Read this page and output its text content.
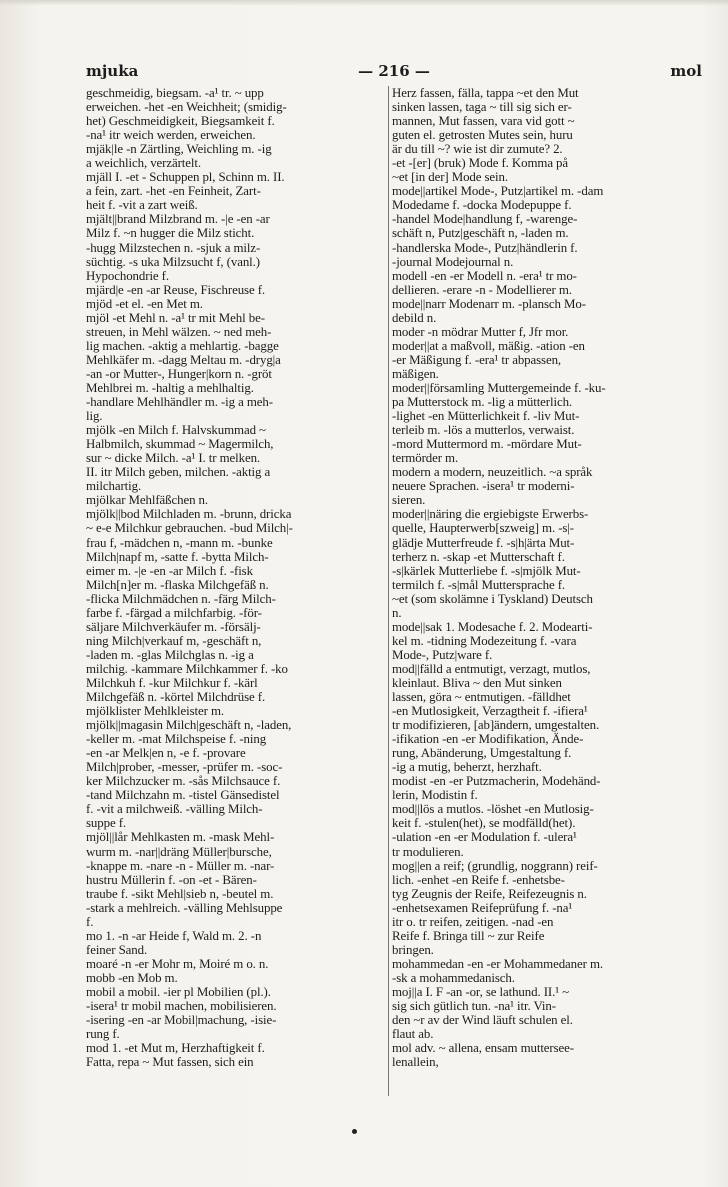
mjuka	— 216 —	mol
geschmeidig, biegsam. -a¹ tr. ~ upp
erweichen. -het -en Weichheit; (smidig-
het) Geschmeidigkeit, Biegsamkeit f.
-na¹ itr weich werden, erweichen.
mjäk|le -n Zärtling, Weichling m. -ig
a weichlich, verzärtelt.
mjäll I. -et - Schuppen pl, Schinn m. II.
a fein, zart. -het -en Feinheit, Zart-
heit f. -vit a zart weiß.
mjält||brand Milzbrand m. -|e -en -ar
Milz f. ~n hugger die Milz sticht.
-hugg Milzstechen n. -sjuk a milz-
süchtig. -s uka Milzsucht f, (vanl.)
Hypochondrie f.
mjärd|e -en -ar Reuse, Fischreuse f.
mjöd -et el. -en Met m.
mjöl -et Mehl n. -a¹ tr mit Mehl be-
streuen, in Mehl wälzen. ~ ned meh-
lig machen. -aktig a mehlartig. -bagge
Mehlkäfer m. -dagg Meltau m. -dryg|a
-an -or Mutter-, Hunger|korn n. -gröt
Mehlbrei m. -haltig a mehlhaltig.
-handlare Mehlhändler m. -ig a meh-
lig.
mjölk -en Milch f. Halvskummad ~
Halbmilch, skummad ~ Magermilch,
sur ~ dicke Milch. -a¹ I. tr melken.
II. itr Milch geben, milchen. -aktig a
milchartig.
mjölkar Mehlfäßchen n.
mjölk||bod Milchladen m. -brunn, dricka
~ e-e Milchkur gebrauchen. -bud Milch|-
frau f, -mädchen n, -mann m. -bunke
Milch|napf m, -satte f. -bytta Milch-
eimer m. -|e -en -ar Milch f. -fisk
Milch[n]er m. -flaska Milchgefäß n.
-flicka Milchmädchen n. -färg Milch-
farbe f. -färgad a milchfarbig. -för-
säljare Milchverkäufer m. -försälj-
ning Milch|verkauf m, -geschäft n,
-laden m. -glas Milchglas n. -ig a
milchig. -kammare Milchkammer f. -ko
Milchkuh f. -kur Milchkur f. -kärl
Milchgefäß n. -körtel Milchdrüse f.
mjölklister Mehlkleister m.
mjölk||magasin Milch|geschäft n, -laden,
-keller m. -mat Milchspeise f. -ning
-en -ar Melk|en n, -e f. -provare
Milch|prober, -messer, -prüfer m. -soc-
ker Milchzucker m. -sås Milchsauce f.
-tand Milchzahn m. -tistel Gänsedistel
f. -vit a milchweiß. -välling Milch-
suppe f.
mjöl||lår Mehlkasten m. -mask Mehl-
wurm m. -nar||dräng Müller|bursche,
-knappe m. -nare -n - Müller m. -nar-
hustru Müllerin f. -on -et - Bären-
traube f. -sikt Mehl|sieb n, -beutel m.
-stark a mehlreich. -välling Mehlsuppe
f.
mo 1. -n -ar Heide f, Wald m. 2. -n
feiner Sand.
moaré -n -er Mohr m, Moiré m o. n.
mobb -en Mob m.
mobil a mobil. -ier pl Mobilien (pl.).
-isera¹ tr mobil machen, mobilisieren.
-isering -en -ar Mobil|machung, -isie-
rung f.
mod 1. -et Mut m, Herzhaftigkeit f.
Fatta, repa ~ Mut fassen, sich ein
Herz fassen, fälla, tappa ~et den Mut
sinken lassen, taga ~ till sig sich er-
mannen, Mut fassen, vara vid gott ~
guten el. getrosten Mutes sein, huru
är du till ~? wie ist dir zumute? 2.
-et -[er] (bruk) Mode f. Komma på
~et [in der] Mode sein.
mode||artikel Mode-, Putz|artikel m. -dam
Modedame f. -docka Modepuppe f.
-handel Mode|handlung f, -warenge-
schäft n, Putz|geschäft n, -laden m.
-handlerska Mode-, Putz|händlerin f.
-journal Modejournal n.
modell -en -er Modell n. -era¹ tr mo-
dellieren. -erare -n - Modellierer m.
mode||narr Modenarr m. -plansch Mo-
debild n.
moder -n mödrar Mutter f, Jfr mor.
moder||at a maßvoll, mäßig. -ation -en
-er Mäßigung f. -era¹ tr abpassen,
mäßigen.
moder||församling Muttergemeinde f. -ku-
pa Mutterstock m. -lig a mütterlich.
-lighet -en Mütterlichkeit f. -liv Mut-
terleib m. -lös a mutterlos, verwaist.
-mord Muttermord m. -mördare Mut-
termörder m.
modern a modern, neuzeitlich. ~a språk
neuere Sprachen. -isera¹ tr moderni-
sieren.
moder||näring die ergiebigste Erwerbs-
quelle, Haupterwerb[szweig] m. -s|-
glädje Mutterfreude f. -s|h|ärta Mut-
terherz n. -skap -et Mutterschaft f.
-s|kärlek Mutterliebe f. -s|mjölk Mut-
termilch f. -s|mål Muttersprache f.
~et (som skolämne i Tyskland) Deutsch
n.
mode||sak 1. Modesache f. 2. Modearti-
kel m. -tidning Modezeitung f. -vara
Mode-, Putz|ware f.
mod||fälld a entmutigt, verzagt, mutlos,
kleinlaut. Bliva ~ den Mut sinken
lassen, göra ~ entmutigen. -fälldhet
-en Mutlosigkeit, Verzagtheit f. -ifiera¹
tr modifizieren, [ab]ändern, umgestalten.
-ifikation -en -er Modifikation, Ände-
rung, Abänderung, Umgestaltung f.
-ig a mutig, beherzt, herzhaft.
modist -en -er Putzmacherin, Modehänd-
lerin, Modistin f.
mod||lös a mutlos. -löshet -en Mutlosig-
keit f. -stulen(het), se modfälld(het).
-ulation -en -er Modulation f. -ulera¹
tr modulieren.
mog||en a reif; (grundlig, noggrann) reif-
lich. -enhet -en Reife f. -enhetsbe-
tyg Zeugnis der Reife, Reifezeugnis n.
-enhetsexamen Reifeprüfung f. -na¹
itr o. tr reifen, zeitigen. -nad -en
Reife f. Bringa till ~ zur Reife
bringen.
mohammedan -en -er Mohammedaner m.
-sk a mohammedanisch.
moj||a I. F -an -or, se lathund. II.¹ ~
sig sich gütlich tun. -na¹ itr. Vin-
den ~r av der Wind läuft schulen el.
flaut ab.
mol adv. ~ allena, ensam muttersee-
lenallein,
